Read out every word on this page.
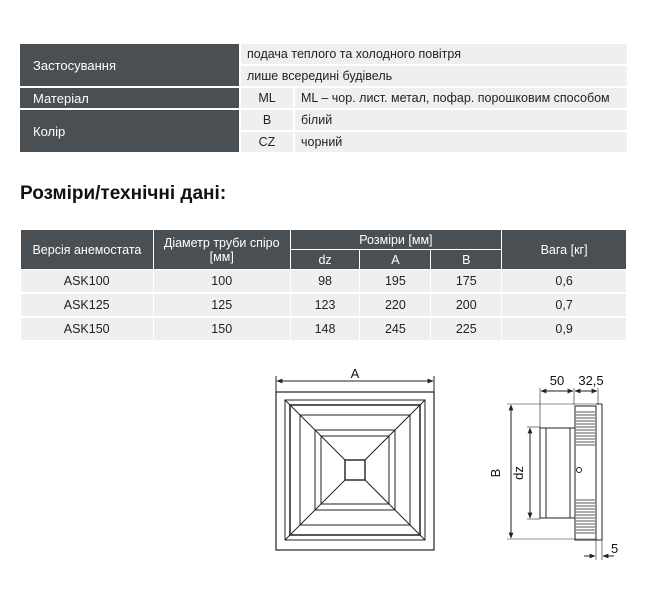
Застосування	подача теплого та холодного повітря	
	лише всередині будівель	
Матеріал	ML	ML – чор. лист. метал, пофар. порошковим способом
Колір	B	білий
	CZ	чорний
Розміри/технічні дані:
Версія анемостата	Діаметр труби спіро [мм]	Розміри [мм]			Вага [кг]
		dz	A	B	
ASK100	100	98	195	175	0,6
ASK125	125	123	220	200	0,7
ASK150	150	148	245	225	0,9
A
B dz
50 32,5
5
